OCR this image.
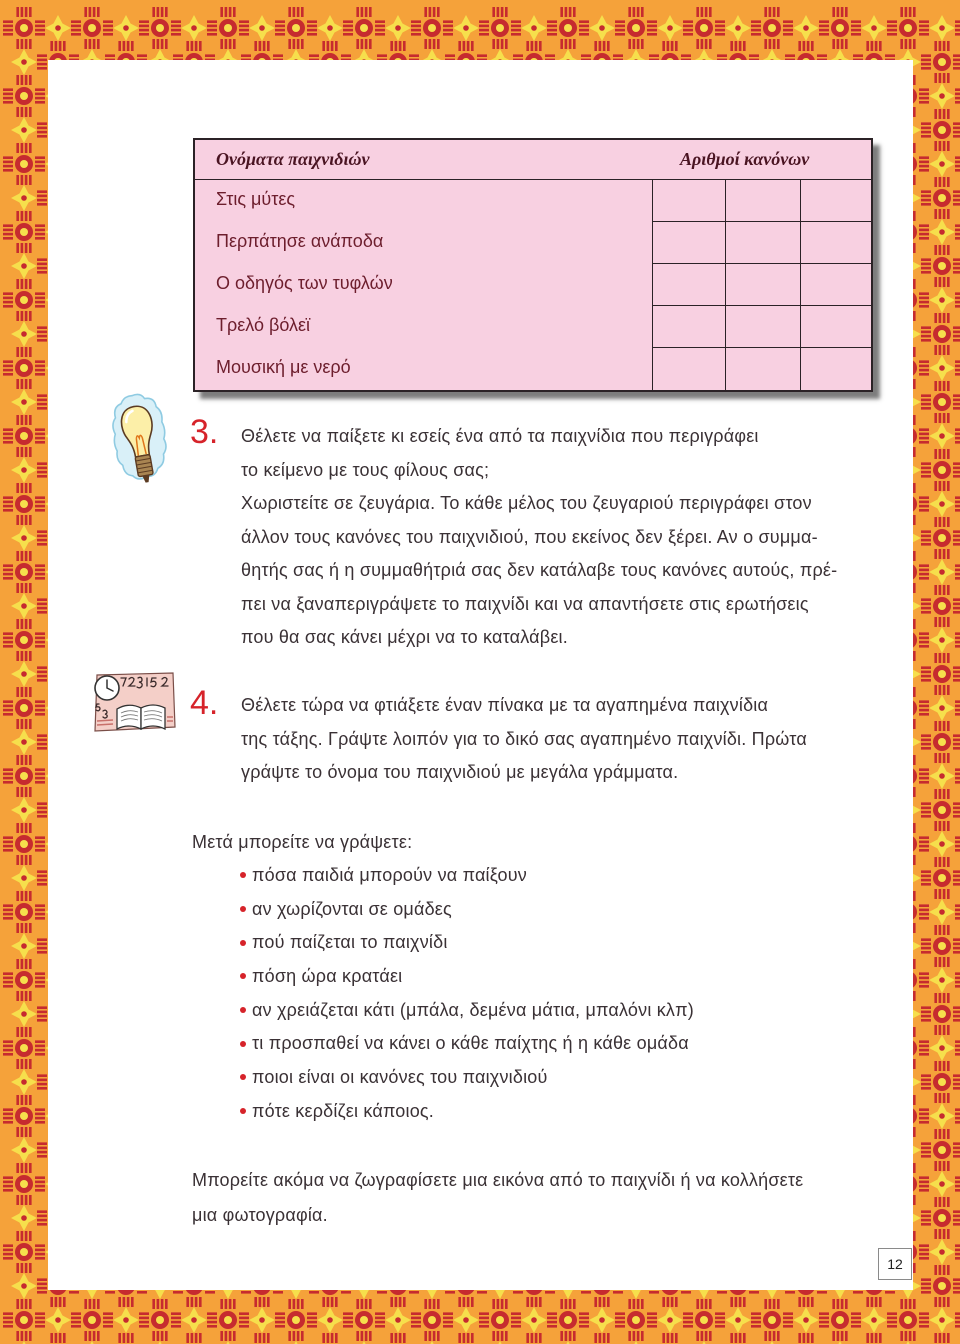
Ονόματα παιχνιδιών	Αριθμοί κανόνων
Στις μύτες
Περπάτησε ανάποδα
Ο οδηγός των τυφλών
Τρελό βόλεϊ
Μουσική με νερό
3. Θέλετε να παίξετε κι εσείς ένα από τα παιχνίδια που περιγράφει
το κείμενο με τους φίλους σας;
Χωριστείτε σε ζευγάρια. Το κάθε μέλος του ζευγαριού περιγράφει στον
άλλον τους κανόνες του παιχνιδιού, που εκείνος δεν ξέρει. Αν ο συμμα-
θητής σας ή η συμμαθήτριά σας δεν κατάλαβε τους κανόνες αυτούς, πρέ-
πει να ξαναπεριγράψετε το παιχνίδι και να απαντήσετε στις ερωτήσεις
που θα σας κάνει μέχρι να το καταλάβει.
4. Θέλετε τώρα να φτιάξετε έναν πίνακα με τα αγαπημένα παιχνίδια
της τάξης. Γράψτε λοιπόν για το δικό σας αγαπημένο παιχνίδι. Πρώτα
γράψτε το όνομα του παιχνιδιού με μεγάλα γράμματα.
Μετά μπορείτε να γράψετε:
πόσα παιδιά μπορούν να παίξουν
αν χωρίζονται σε ομάδες
πού παίζεται το παιχνίδι
πόση ώρα κρατάει
αν χρειάζεται κάτι (μπάλα, δεμένα μάτια, μπαλόνι κλπ)
τι προσπαθεί να κάνει ο κάθε παίχτης ή η κάθε ομάδα
ποιοι είναι οι κανόνες του παιχνιδιού
πότε κερδίζει κάποιος.
Μπορείτε ακόμα να ζωγραφίσετε μια εικόνα από το παιχνίδι ή να κολλήσετε
μια φωτογραφία.
12
